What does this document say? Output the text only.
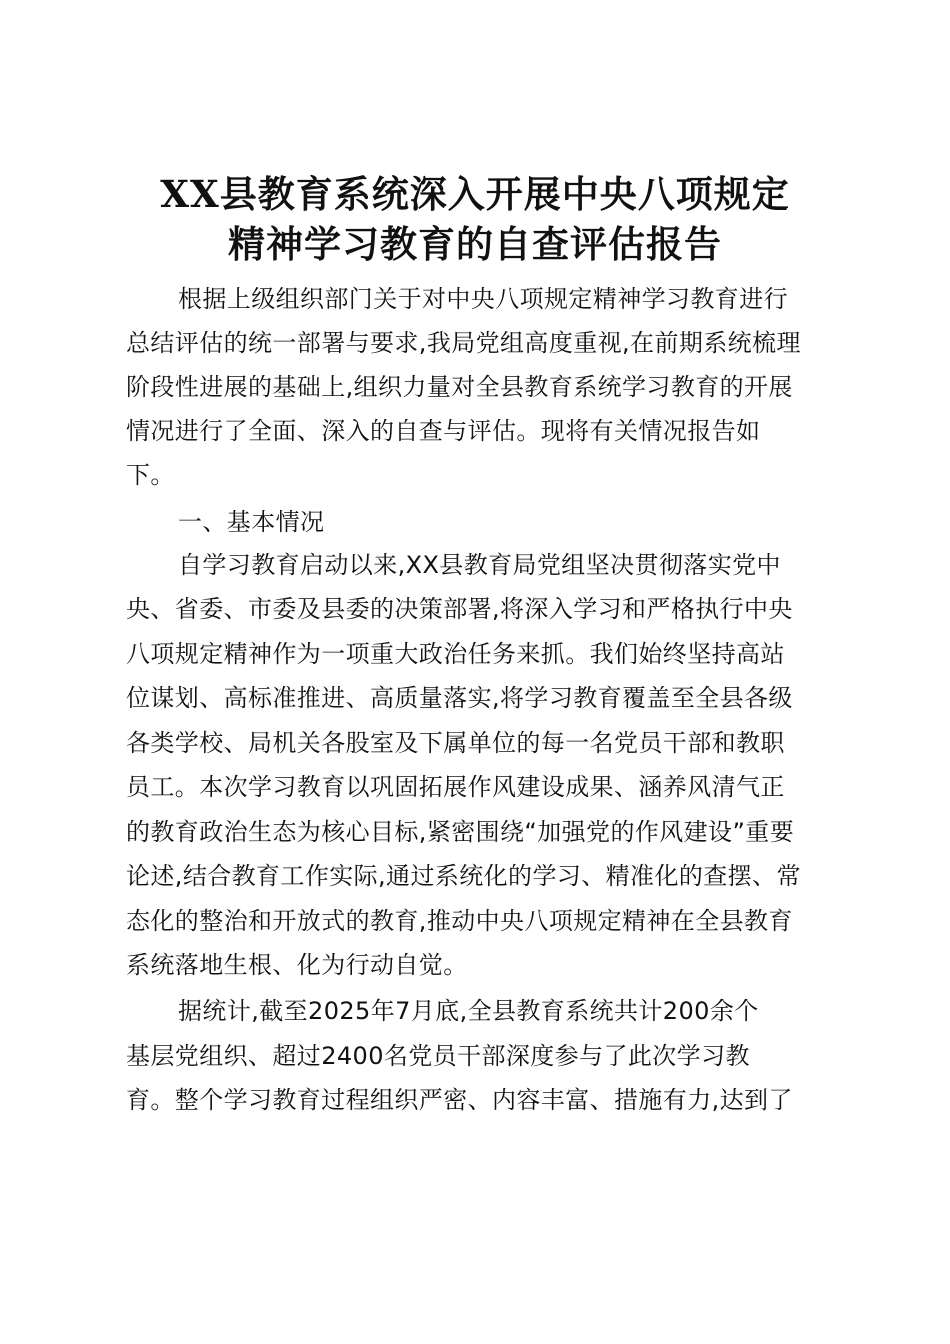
XX县教育系统深入开展中央八项规定
精神学习教育的自查评估报告
根据上级组织部门关于对中央八项规定精神学习教育进行
总结评估的统一部署与要求,我局党组高度重视,在前期系统梳理
阶段性进展的基础上,组织力量对全县教育系统学习教育的开展
情况进行了全面、深入的自查与评估。现将有关情况报告如
下。
一、基本情况
自学习教育启动以来,XX县教育局党组坚决贯彻落实党中
央、省委、市委及县委的决策部署,将深入学习和严格执行中央
八项规定精神作为一项重大政治任务来抓。我们始终坚持高站
位谋划、高标准推进、高质量落实,将学习教育覆盖至全县各级
各类学校、局机关各股室及下属单位的每一名党员干部和教职
员工。本次学习教育以巩固拓展作风建设成果、涵养风清气正
的教育政治生态为核心目标,紧密围绕“加强党的作风建设”重要
论述,结合教育工作实际,通过系统化的学习、精准化的查摆、常
态化的整治和开放式的教育,推动中央八项规定精神在全县教育
系统落地生根、化为行动自觉。
据统计,截至2025年7月底,全县教育系统共计200余个
基层党组织、超过2400名党员干部深度参与了此次学习教
育。整个学习教育过程组织严密、内容丰富、措施有力,达到了
